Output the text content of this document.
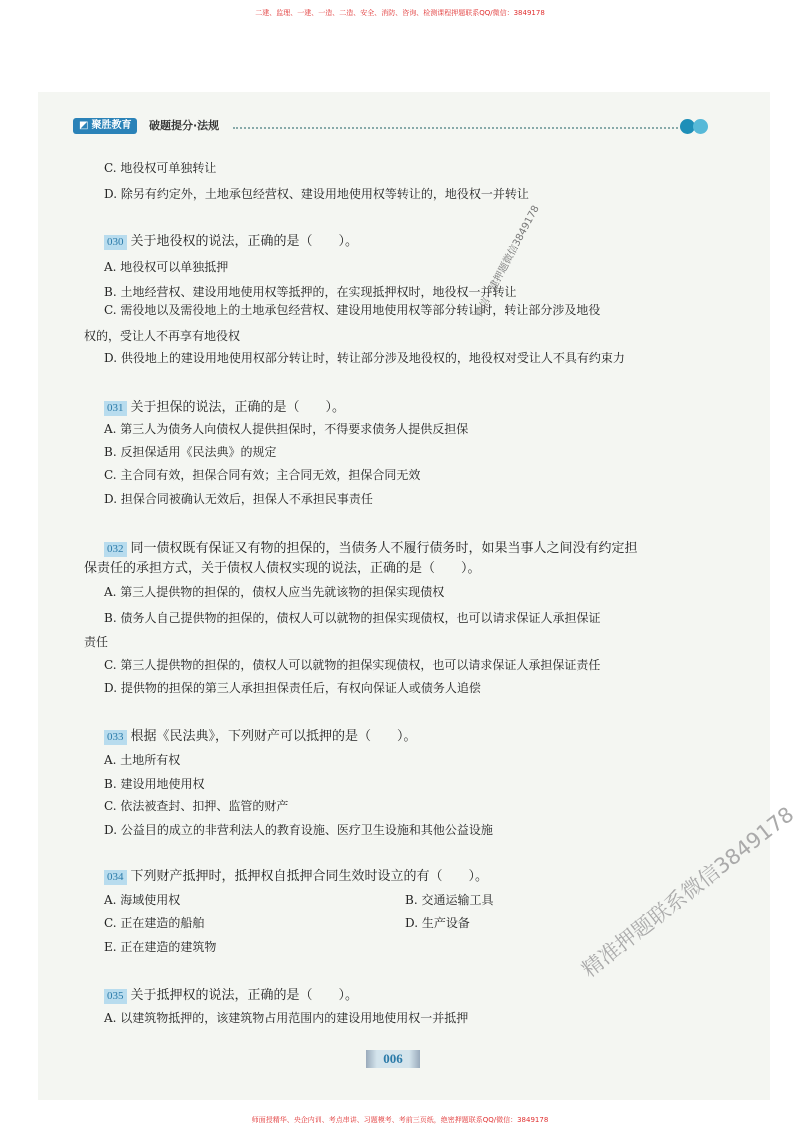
二建、监理、一建、一造、二造、安全、消防、咨询、检测课程押题联系QQ/微信：3849178
◩ 聚胜教育	破题提分·法规
C. 地役权可单独转让
D. 除另有约定外，土地承包经营权、建设用地使用权等转让的，地役权一并转让
030 关于地役权的说法，正确的是（　　）。
A. 地役权可以单独抵押
B. 土地经营权、建设用地使用权等抵押的，在实现抵押权时，地役权一并转让
C. 需役地以及需役地上的土地承包经营权、建设用地使用权等部分转让时，转让部分涉及地役
权的，受让人不再享有地役权
D. 供役地上的建设用地使用权部分转让时，转让部分涉及地役权的，地役权对受让人不具有约束力
031 关于担保的说法，正确的是（　　）。
A. 第三人为债务人向债权人提供担保时，不得要求债务人提供反担保
B. 反担保适用《民法典》的规定
C. 主合同有效，担保合同有效；主合同无效，担保合同无效
D. 担保合同被确认无效后，担保人不承担民事责任
032 同一债权既有保证又有物的担保的，当债务人不履行债务时，如果当事人之间没有约定担
保责任的承担方式，关于债权人债权实现的说法，正确的是（　　）。
A. 第三人提供物的担保的，债权人应当先就该物的担保实现债权
B. 债务人自己提供物的担保的，债权人可以就物的担保实现债权，也可以请求保证人承担保证
责任
C. 第三人提供物的担保的，债权人可以就物的担保实现债权，也可以请求保证人承担保证责任
D. 提供物的担保的第三人承担担保责任后，有权向保证人或债务人追偿
033 根据《民法典》，下列财产可以抵押的是（　　）。
A. 土地所有权
B. 建设用地使用权
C. 依法被查封、扣押、监管的财产
D. 公益目的成立的非营利法人的教育设施、医疗卫生设施和其他公益设施
034 下列财产抵押时，抵押权自抵押合同生效时设立的有（　　）。
A. 海域使用权	B. 交通运输工具
C. 正在建造的船舶	D. 生产设备
E. 正在建造的建筑物
035 关于抵押权的说法，正确的是（　　）。
A. 以建筑物抵押的，该建筑物占用范围内的建设用地使用权一并抵押
微信一建押题微信3849178
精准押题联系微信3849178
006
师面授精华、央企内训、考点串讲、习题模考、考前三页纸，绝密押题联系QQ/微信：3849178
